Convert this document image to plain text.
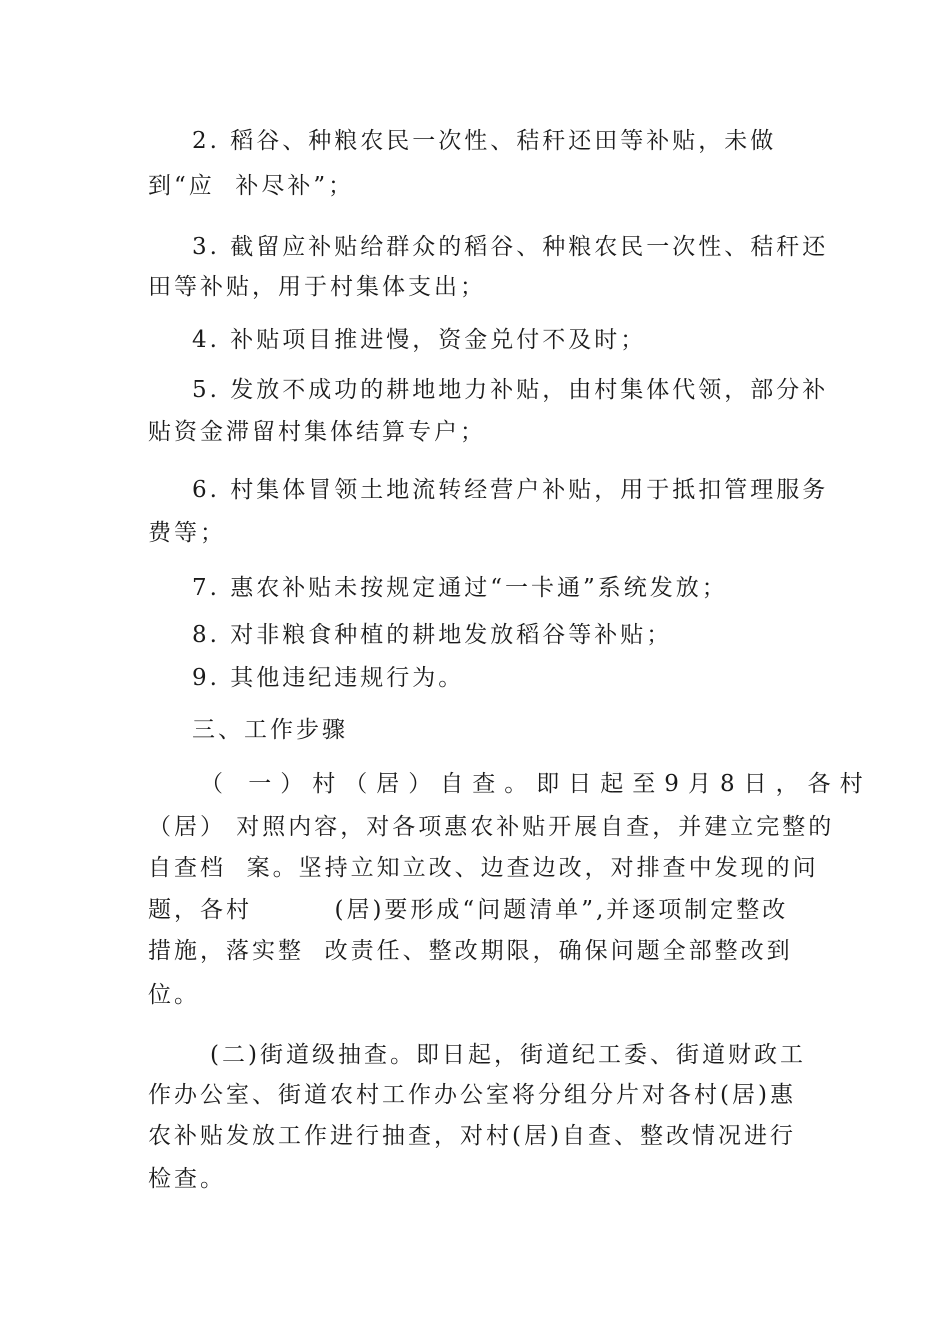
2. 稻谷、种粮农民一次性、秸秆还田等补贴，未做
到“应  补尽补”；
3. 截留应补贴给群众的稻谷、种粮农民一次性、秸秆还
田等补贴，用于村集体支出；
4. 补贴项目推进慢，资金兑付不及时；
5. 发放不成功的耕地地力补贴，由村集体代领，部分补
贴资金滞留村集体结算专户；
6. 村集体冒领土地流转经营户补贴，用于抵扣管理服务
费等；
7. 惠农补贴未按规定通过“一卡通”系统发放；
8. 对非粮食种植的耕地发放稻谷等补贴；
9. 其他违纪违规行为。
三、工作步骤
（ 一）村（居）自查。即日起至9月8日，各村
（居） 对照内容，对各项惠农补贴开展自查，并建立完整的
自查档  案。坚持立知立改、边查边改，对排查中发现的问
题，各村        (居)要形成“问题清单”,并逐项制定整改
措施，落实整  改责任、整改期限，确保问题全部整改到
位。
(二)街道级抽查。即日起，街道纪工委、街道财政工
作办公室、街道农村工作办公室将分组分片对各村(居)惠
农补贴发放工作进行抽查，对村(居)自查、整改情况进行
检查。
